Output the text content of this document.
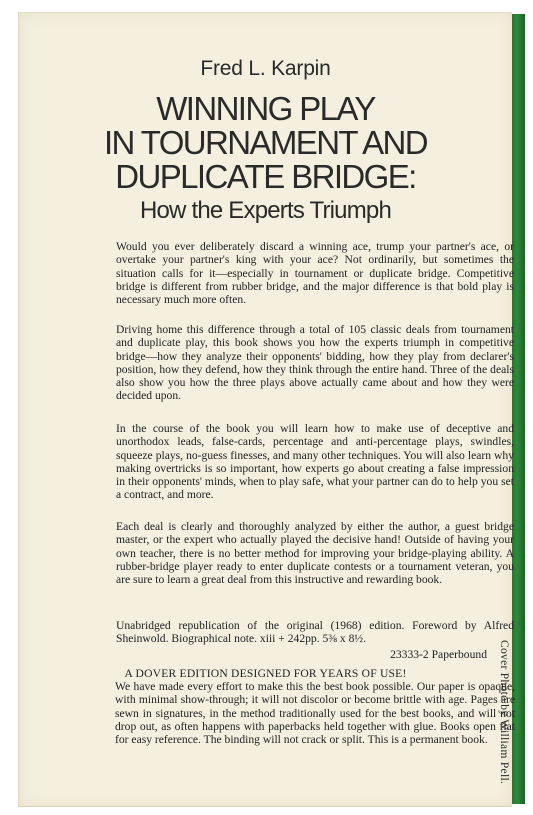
Fred L. Karpin
WINNING PLAY
IN TOURNAMENT AND
DUPLICATE BRIDGE:
How the Experts Triumph

Would you ever deliberately discard a winning ace, trump your partner's ace, or overtake your partner's king with your ace? Not ordinarily, but sometimes the situation calls for it—especially in tournament or duplicate bridge. Competitive bridge is different from rubber bridge, and the major difference is that bold play is necessary much more often.

Driving home this difference through a total of 105 classic deals from tournament and duplicate play, this book shows you how the experts triumph in competitive bridge—how they analyze their opponents' bidding, how they play from declarer's position, how they defend, how they think through the entire hand. Three of the deals also show you how the three plays above actually came about and how they were decided upon.

In the course of the book you will learn how to make use of deceptive and unorthodox leads, false-cards, percentage and anti-percentage plays, swindles, squeeze plays, no-guess finesses, and many other techniques. You will also learn why making overtricks is so important, how experts go about creating a false impression in their opponents' minds, when to play safe, what your partner can do to help you set a contract, and more.

Each deal is clearly and thoroughly analyzed by either the author, a guest bridge master, or the expert who actually played the decisive hand! Outside of having your own teacher, there is no better method for improving your bridge-playing ability. A rubber-bridge player ready to enter duplicate contests or a tournament veteran, you are sure to learn a great deal from this instructive and rewarding book.

Unabridged republication of the original (1968) edition. Foreword by Alfred Sheinwold. Biographical note. xiii + 242pp. 5⅜ x 8½.

23333-2 Paperbound
A DOVER EDITION DESIGNED FOR YEARS OF USE!

We have made every effort to make this the best book possible. Our paper is opaque, with minimal show-through; it will not discolor or become brittle with age. Pages are sewn in signatures, in the method traditionally used for the best books, and will not drop out, as often happens with paperbacks held together with glue. Books open flat for easy reference. The binding will not crack or split. This is a permanent book. Cover Photo by William Pell.
